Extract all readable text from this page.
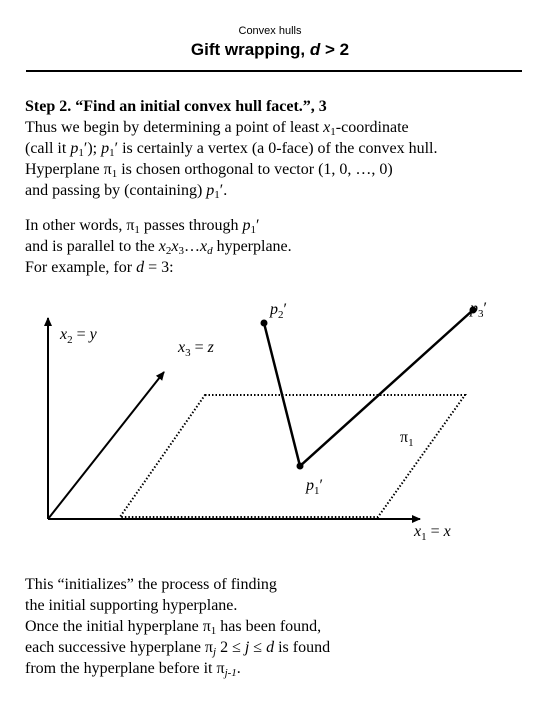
Convex hulls
Gift wrapping, d > 2
Step 2. “Find an initial convex hull facet.”, 3
Thus we begin by determining a point of least $x_1$-coordinate
(call it $p_1'$); $p_1'$ is certainly a vertex (a 0-face) of the convex hull.
Hyperplane $\pi_1$ is chosen orthogonal to vector (1, 0, …, 0)
and passing by (containing) $p_1'$.
In other words, $\pi_1$ passes through $p_1'$
and is parallel to the $x_2x_3\dots x_d$ hyperplane.
For example, for d = 3:
$p_2'$	$p_3'$
$p_1'$
$\pi_1$
$x_2 = y$
$x_3 = z$
$x_1 = x$
This “initializes” the process of finding
the initial supporting hyperplane.
Once the initial hyperplane $\pi_1$ has been found,
each successive hyperplane $\pi_j$ 2 ≤ j ≤ d is found
from the hyperplane before it $\pi_{j-1}$.
